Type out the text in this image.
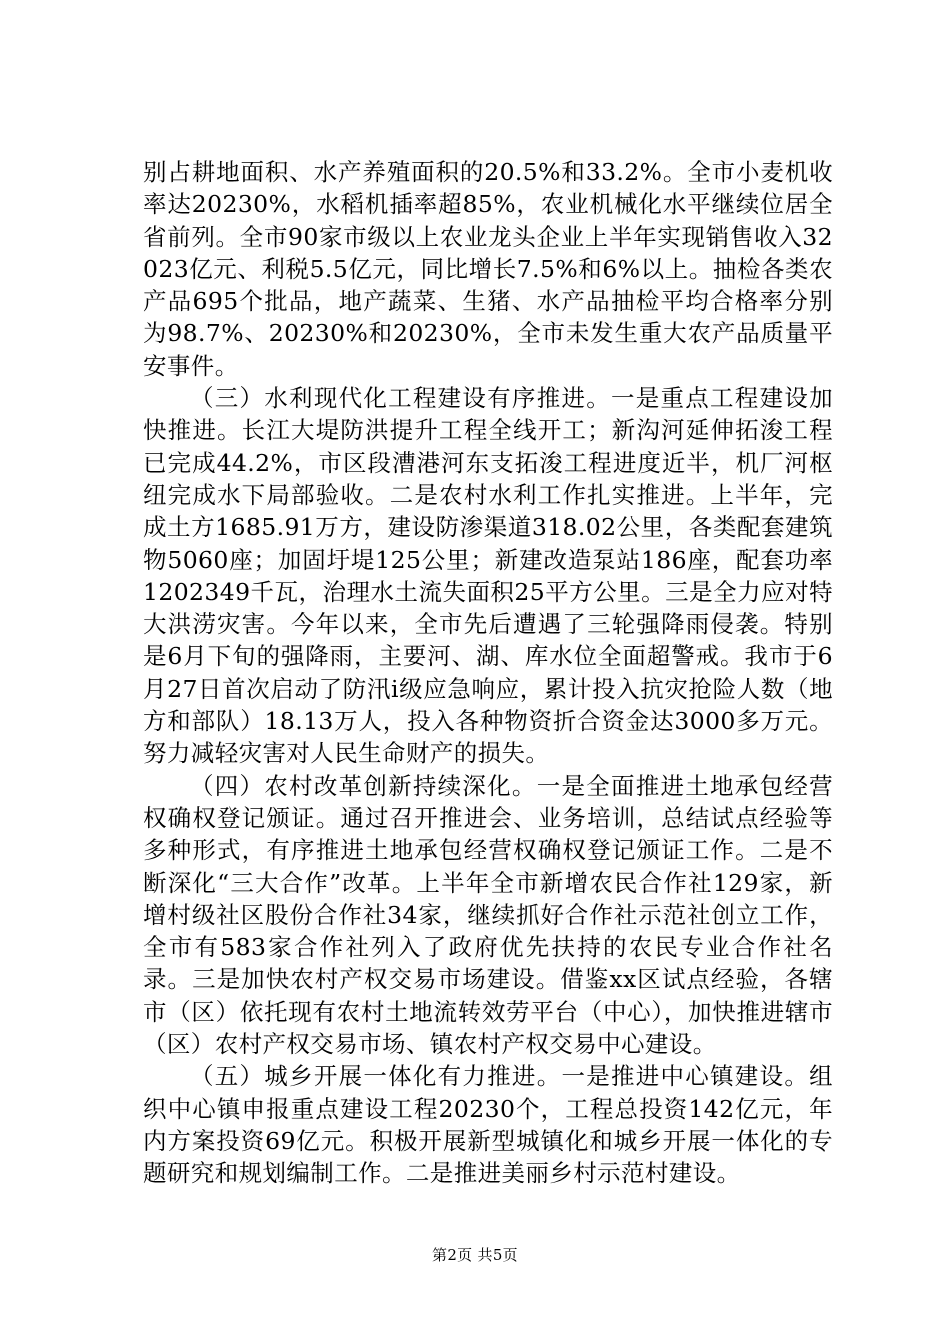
别占耕地面积、水产养殖面积的20.5%和33.2%。全市小麦机收率达20230%，水稻机插率超85%，农业机械化水平继续位居全省前列。全市90家市级以上农业龙头企业上半年实现销售收入32023亿元、利税5.5亿元，同比增长7.5%和6%以上。抽检各类农产品695个批品，地产蔬菜、生猪、水产品抽检平均合格率分别为98.7%、20230%和20230%，全市未发生重大农产品质量平安事件。

（三）水利现代化工程建设有序推进。一是重点工程建设加快推进。长江大堤防洪提升工程全线开工；新沟河延伸拓浚工程已完成44.2%，市区段漕港河东支拓浚工程进度近半，机厂河枢纽完成水下局部验收。二是农村水利工作扎实推进。上半年，完成土方1685.91万方，建设防渗渠道318.02公里，各类配套建筑物5060座；加固圩堤125公里；新建改造泵站186座，配套功率1202349千瓦，治理水土流失面积25平方公里。三是全力应对特大洪涝灾害。今年以来，全市先后遭遇了三轮强降雨侵袭。特别是6月下旬的强降雨，主要河、湖、库水位全面超警戒。我市于6月27日首次启动了防汛ⅰ级应急响应，累计投入抗灾抢险人数（地方和部队）18.13万人，投入各种物资折合资金达3000多万元。努力减轻灾害对人民生命财产的损失。

（四）农村改革创新持续深化。一是全面推进土地承包经营权确权登记颁证。通过召开推进会、业务培训，总结试点经验等多种形式，有序推进土地承包经营权确权登记颁证工作。二是不断深化“三大合作”改革。上半年全市新增农民合作社129家，新增村级社区股份合作社34家，继续抓好合作社示范社创立工作，全市有583家合作社列入了政府优先扶持的农民专业合作社名录。三是加快农村产权交易市场建设。借鉴xx区试点经验，各辖市（区）依托现有农村土地流转效劳平台（中心），加快推进辖市（区）农村产权交易市场、镇农村产权交易中心建设。

（五）城乡开展一体化有力推进。一是推进中心镇建设。组织中心镇申报重点建设工程20230个，工程总投资142亿元，年内方案投资69亿元。积极开展新型城镇化和城乡开展一体化的专题研究和规划编制工作。二是推进美丽乡村示范村建设。

第2页 共5页
